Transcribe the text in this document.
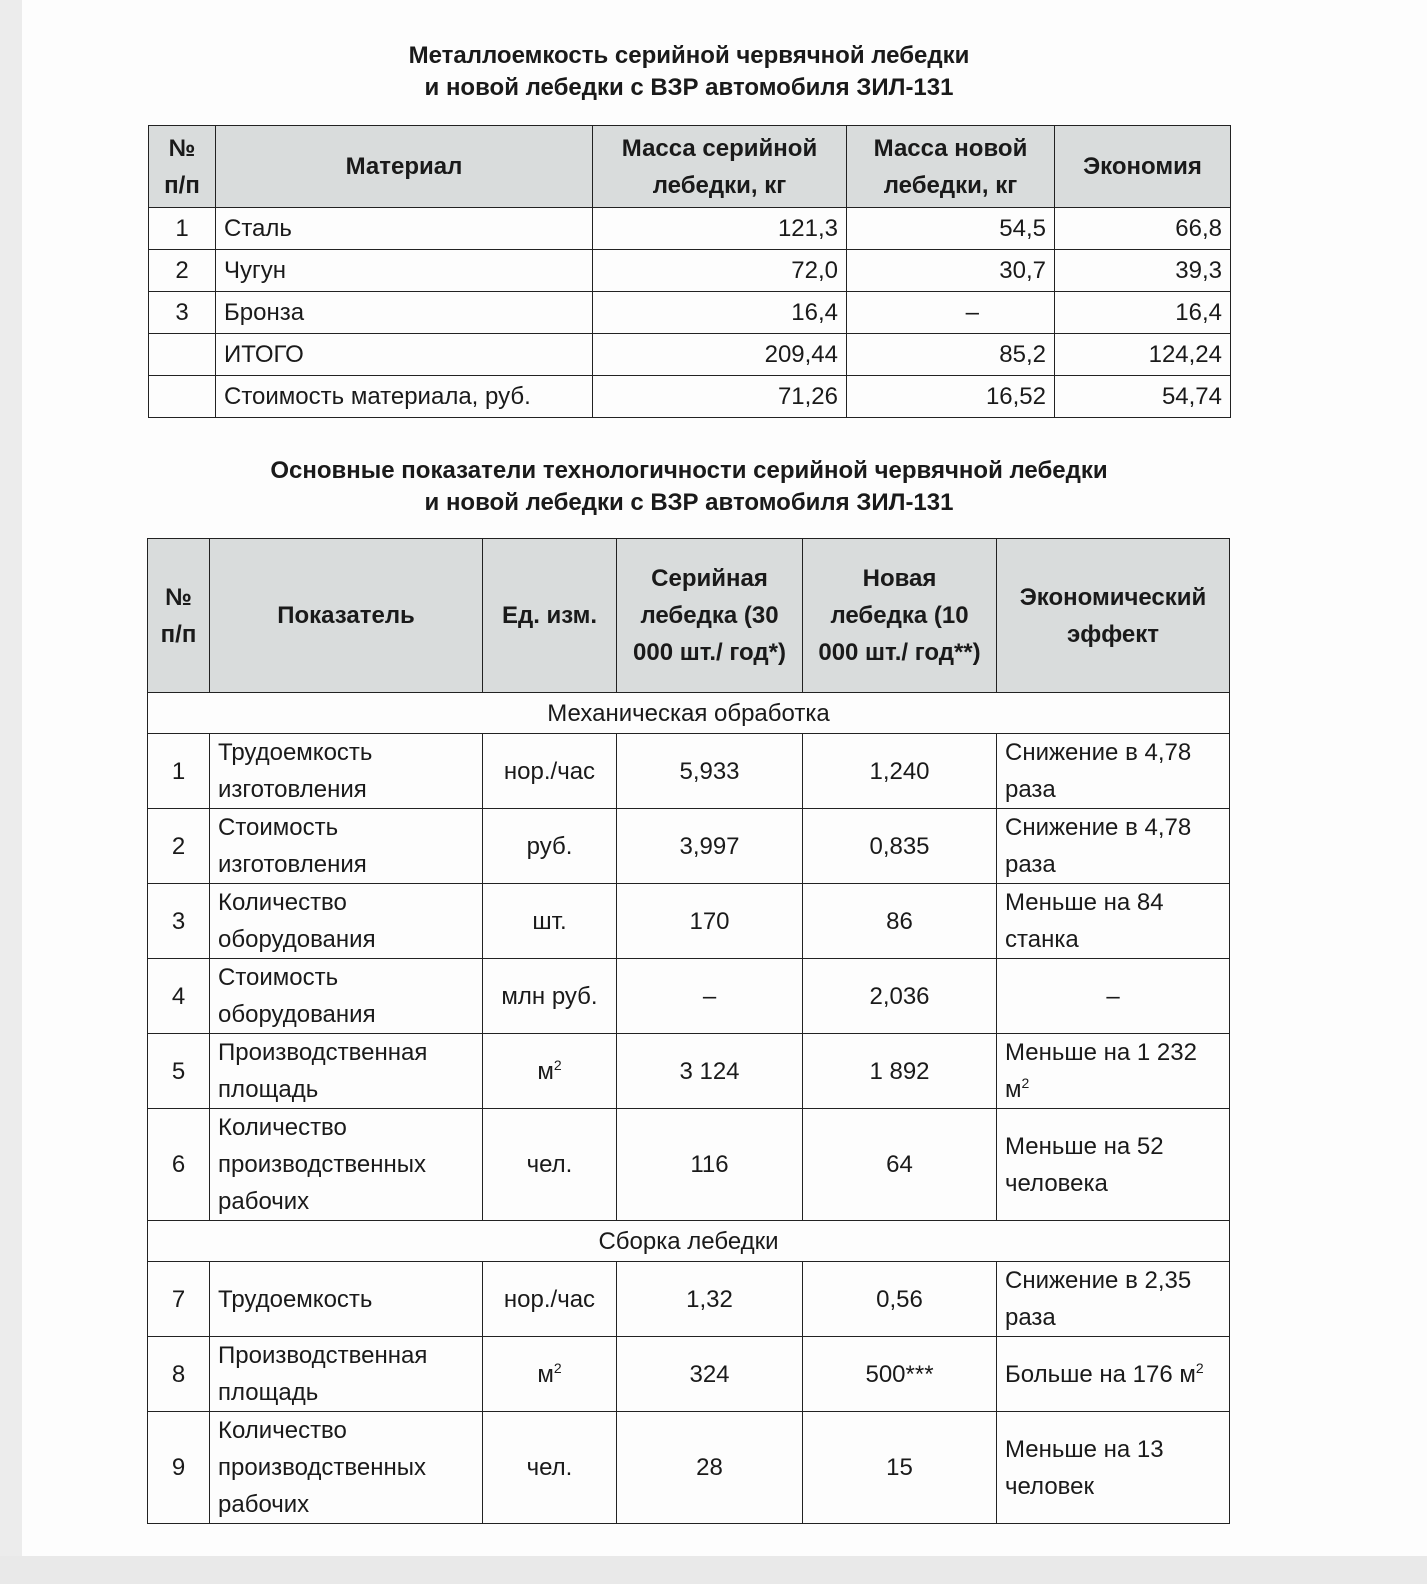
Металлоемкость серийной червячной лебедки
и новой лебедки с ВЗР автомобиля ЗИЛ-131
№ п/п	Материал	Масса серийной лебедки, кг	Масса новой лебедки, кг	Экономия
1	Сталь	121,3	54,5	66,8
2	Чугун	72,0	30,7	39,3
3	Бронза	16,4	–	16,4
	ИТОГО	209,44	85,2	124,24
	Стоимость материала, руб.	71,26	16,52	54,74
Основные показатели технологичности серийной червячной лебедки
и новой лебедки с ВЗР автомобиля ЗИЛ-131
№ п/п	Показатель	Ед. изм.	Серийная лебедка (30 000 шт./ год*)	Новая лебедка (10 000 шт./ год**)	Экономический эффект
Механическая обработка					
1	Трудоемкость изготовления	нор./час	5,933	1,240	Снижение в 4,78 раза
2	Стоимость изготовления	руб.	3,997	0,835	Снижение в 4,78 раза
3	Количество оборудования	шт.	170	86	Меньше на 84 станка
4	Стоимость оборудования	млн руб.	–	2,036	–
5	Производственная площадь	$м^2$	3 124	1 892	Меньше на 1 232 $м^2$
6	Количество производственных рабочих	чел.	116	64	Меньше на 52 человека
Сборка лебедки					
7	Трудоемкость	нор./час	1,32	0,56	Снижение в 2,35 раза
8	Производственная площадь	$м^2$	324	500***	Больше на 176 $м^2$
9	Количество производственных рабочих	чел.	28	15	Меньше на 13 человек
